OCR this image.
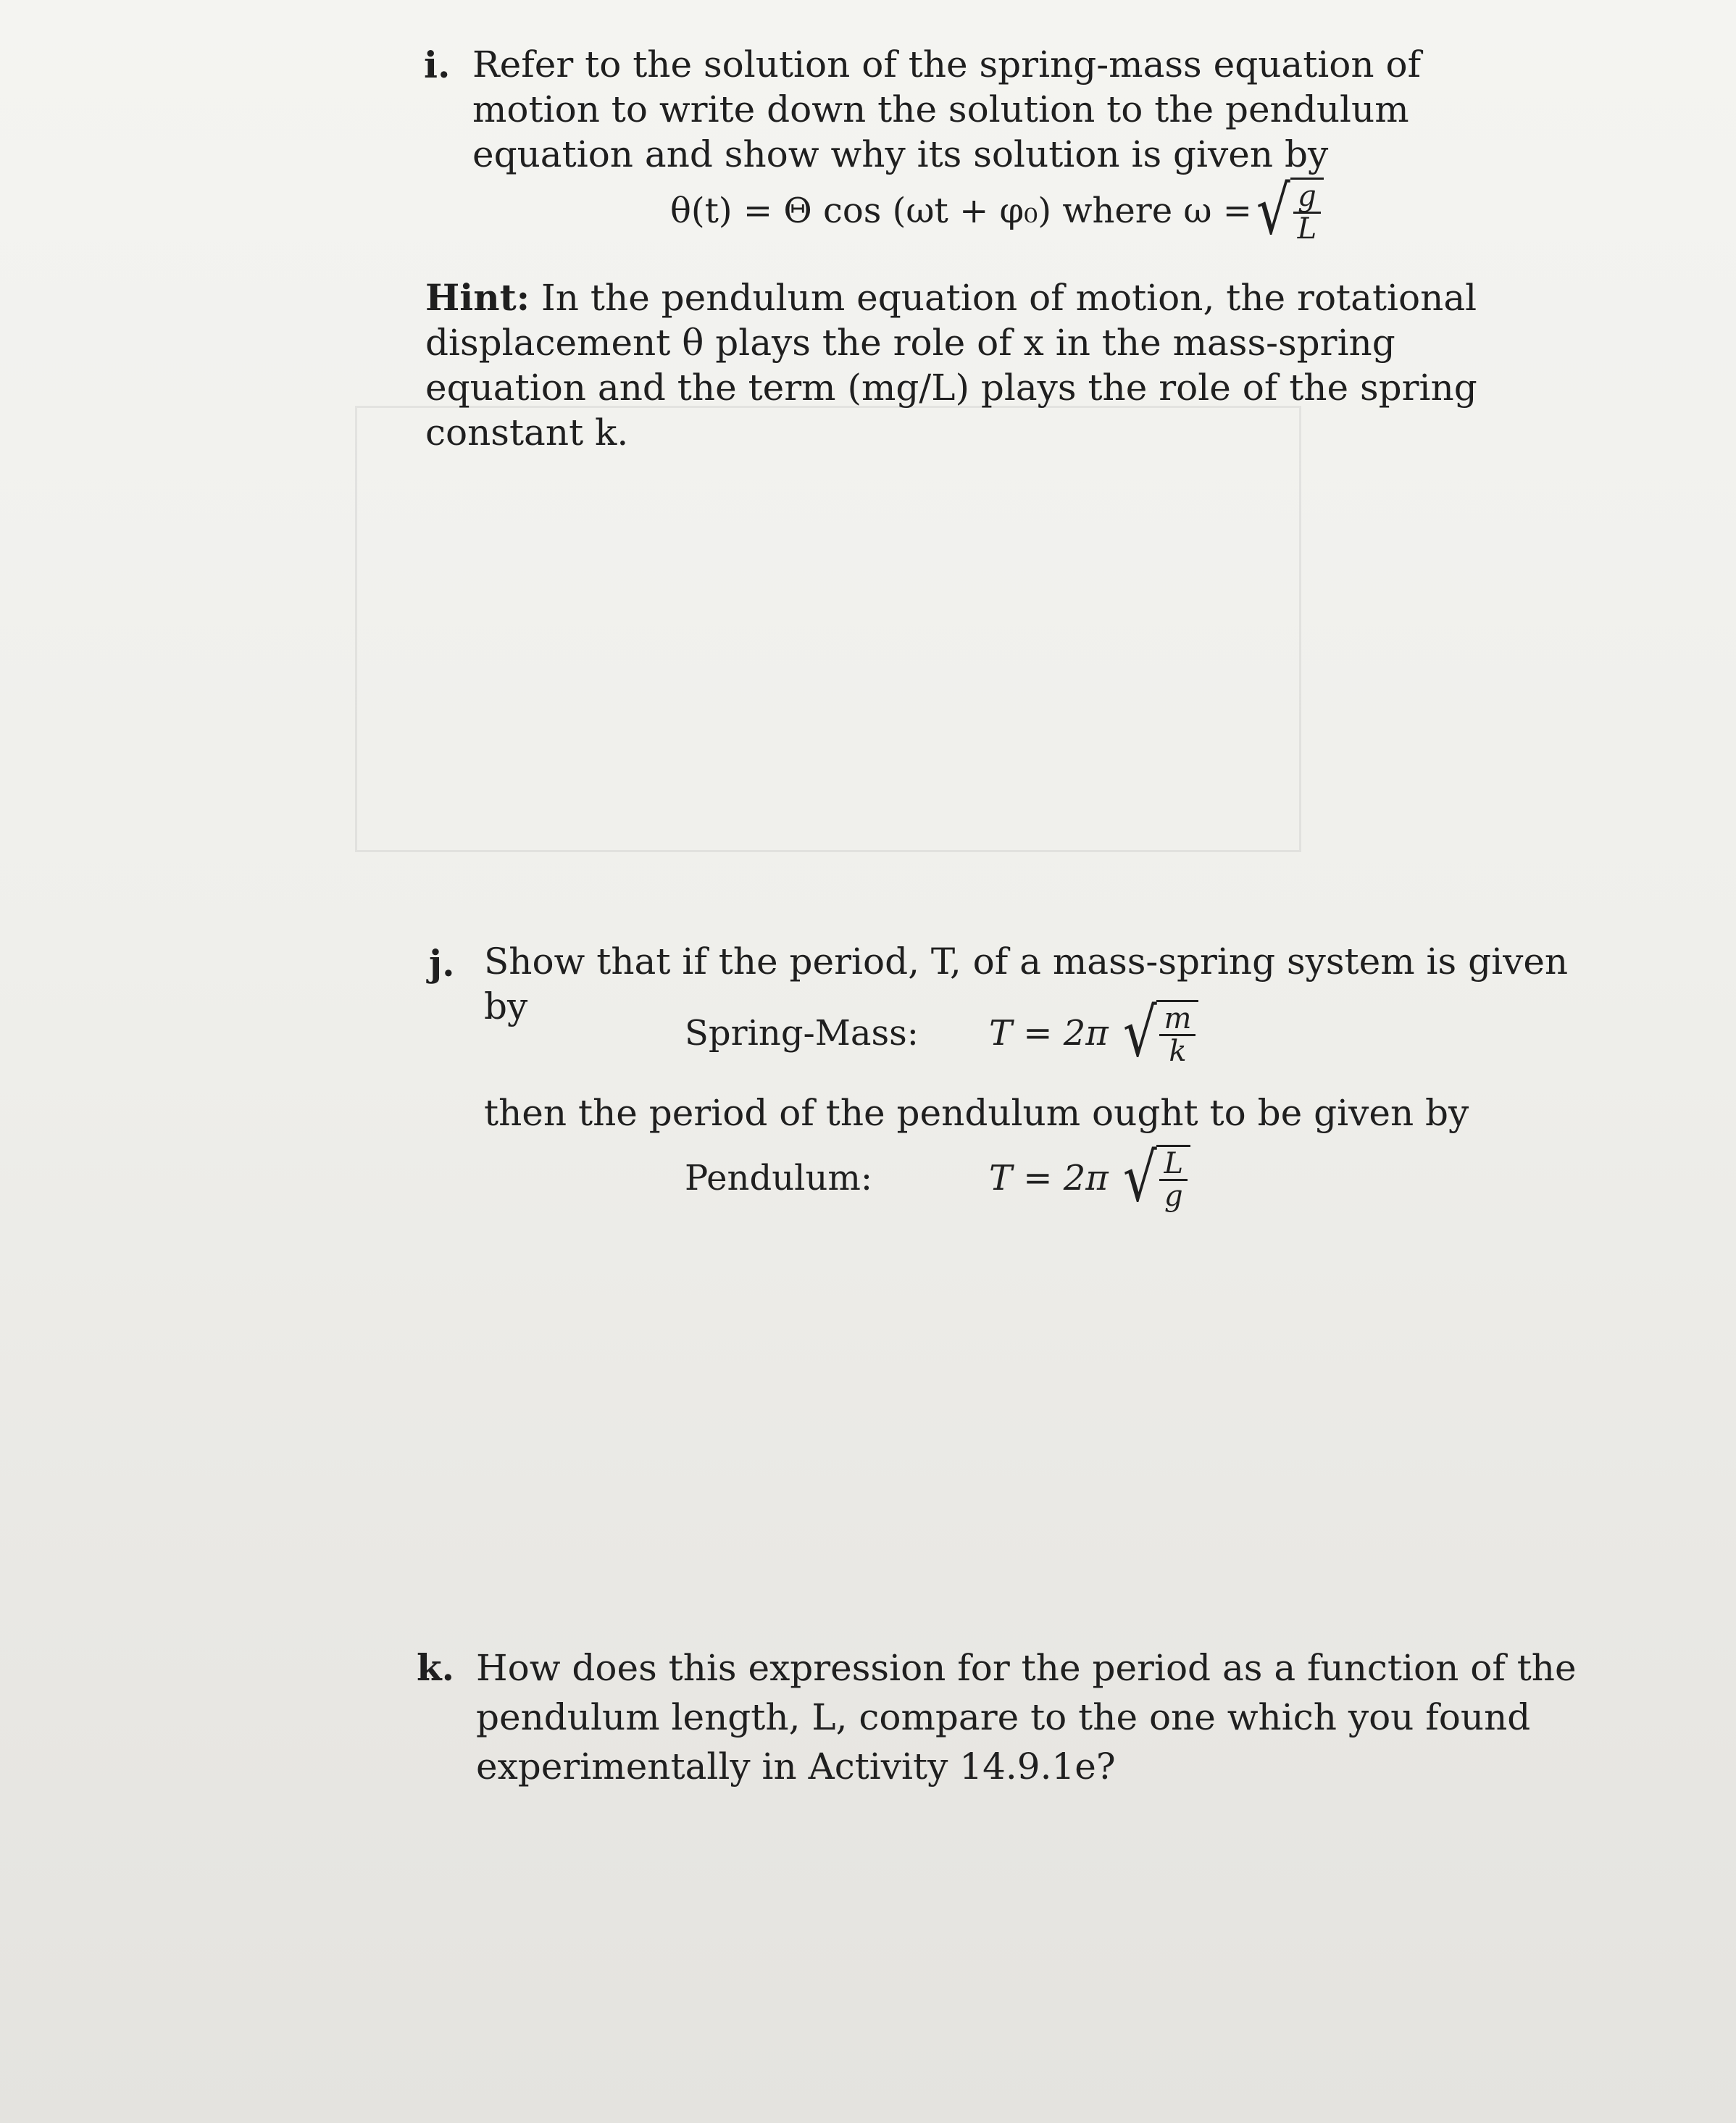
i. Refer to the solution of the spring-mass equation of motion to write down the solution to the pendulum equation and show why its solution is given by
θ(t) = Θ cos (ωt + φ₀) where ω = √ $\frac{g}{L}$
Hint: In the pendulum equation of motion, the rotational displacement θ plays the role of x in the mass-spring equation and the term (mg/L) plays the role of the spring constant k.
j. Show that if the period, T, of a mass-spring system is given by
Spring-Mass:	T = 2π √ $\frac{m}{k}$
then the period of the pendulum ought to be given by
Pendulum:	T = 2π √ $\frac{L}{g}$
k. How does this expression for the period as a function of the pendulum length, L, compare to the one which you found experimentally in Activity 14.9.1e?
